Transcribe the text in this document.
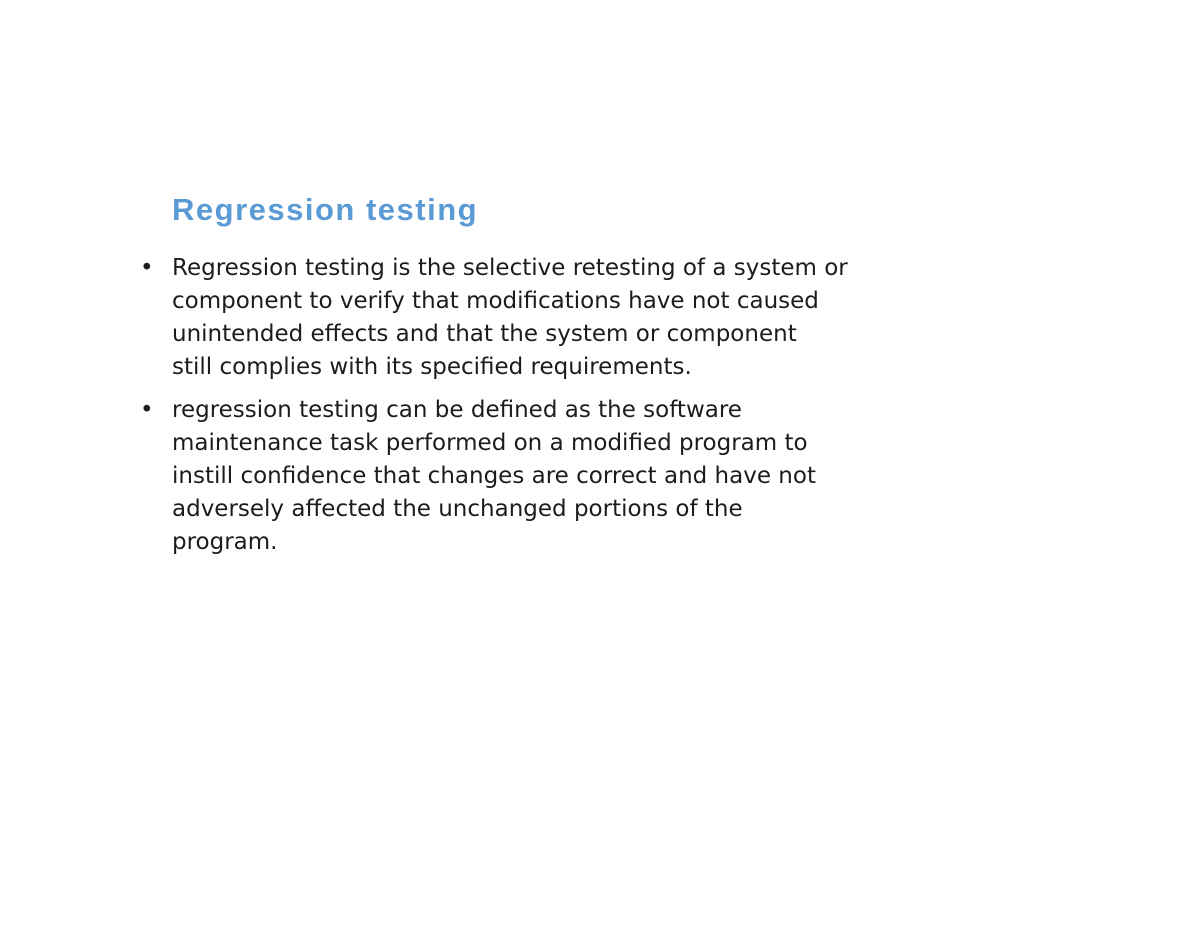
Regression testing
• Regression testing is the selective retesting of a system or
component to verify that modifications have not caused
unintended effects and that the system or component
still complies with its specified requirements.
• regression testing can be defined as the software
maintenance task performed on a modified program to
instill confidence that changes are correct and have not
adversely affected the unchanged portions of the
program.
